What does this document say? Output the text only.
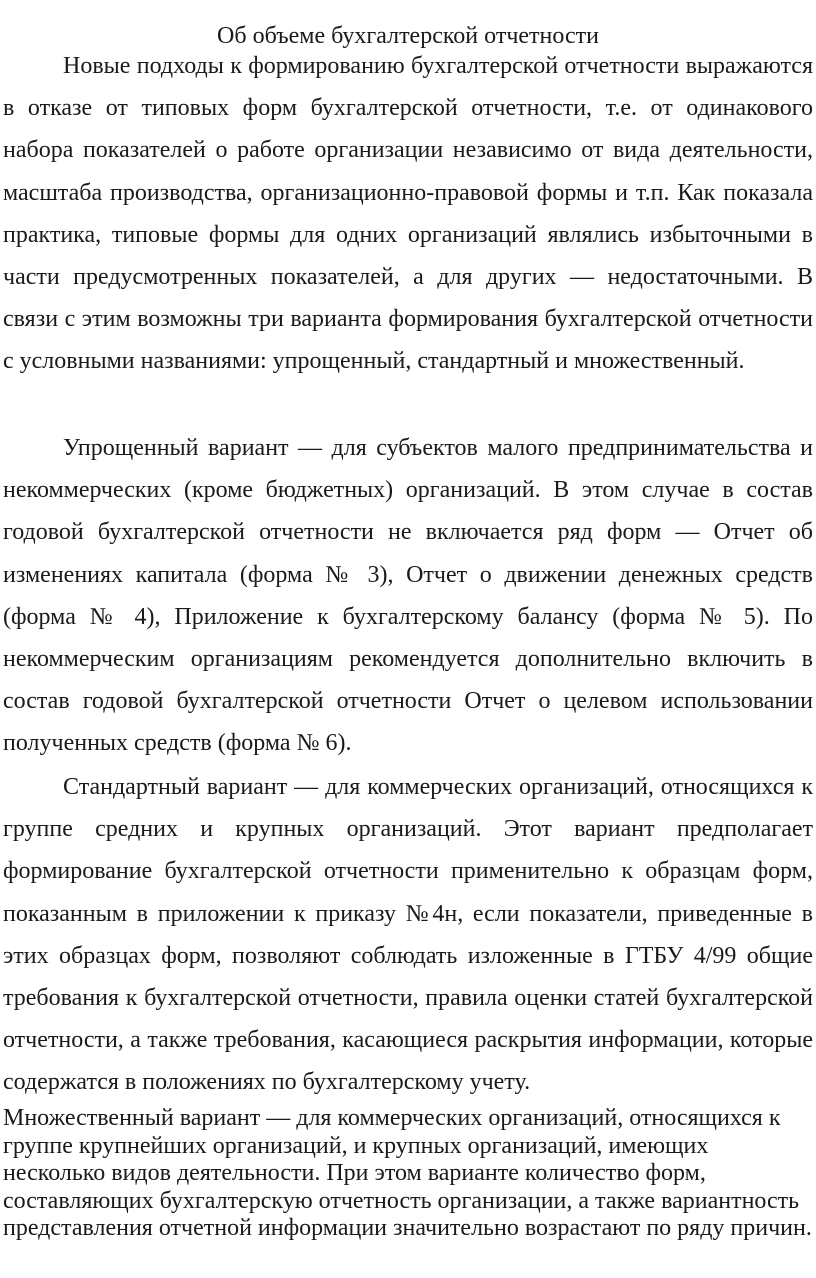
Об объеме бухгалтерской отчетности

Новые подходы к формированию бухгалтерской отчетности выражаются в отказе от типовых форм бухгалтерской отчетности, т.е. от одинакового набора показателей о работе организации независимо от вида деятельности, масштаба производства, организационно-правовой формы и т.п. Как показала практика, типовые формы для одних организаций являлись избыточными в части предусмотренных показателей, а для других — недостаточными. В связи с этим возможны три варианта формирования бухгалтерской отчетности с условными названиями: упрощенный, стандартный и множественный.

Упрощенный вариант — для субъектов малого предпринимательства и некоммерческих (кроме бюджетных) организаций. В этом случае в состав годовой бухгалтерской отчетности не включается ряд форм — Отчет об изменениях капитала (форма № 3), Отчет о движении денежных средств (форма № 4), Приложение к бухгалтерскому балансу (форма № 5). По некоммерческим организациям рекомендуется дополнительно включить в состав годовой бухгалтерской отчетности Отчет о целевом использовании полученных средств (форма № 6).

Стандартный вариант — для коммерческих организаций, относящихся к группе средних и крупных организаций. Этот вариант предполагает формирование бухгалтерской отчетности применительно к образцам форм, показанным в приложении к приказу №4н, если показатели, приведенные в этих образцах форм, позволяют соблюдать изложенные в ГТБУ 4/99 общие требования к бухгалтерской отчетности, правила оценки статей бухгалтерской отчетности, а также требования, касающиеся раскрытия информации, которые содержатся в положениях по бухгалтерскому учету.

Множественный вариант — для коммерческих организаций, относящихся к группе крупнейших организаций, и крупных организаций, имеющих несколько видов деятельности. При этом варианте количество форм, составляющих бухгалтерскую отчетность организации, а также вариантность представления отчетной информации значительно возрастают по ряду причин.
